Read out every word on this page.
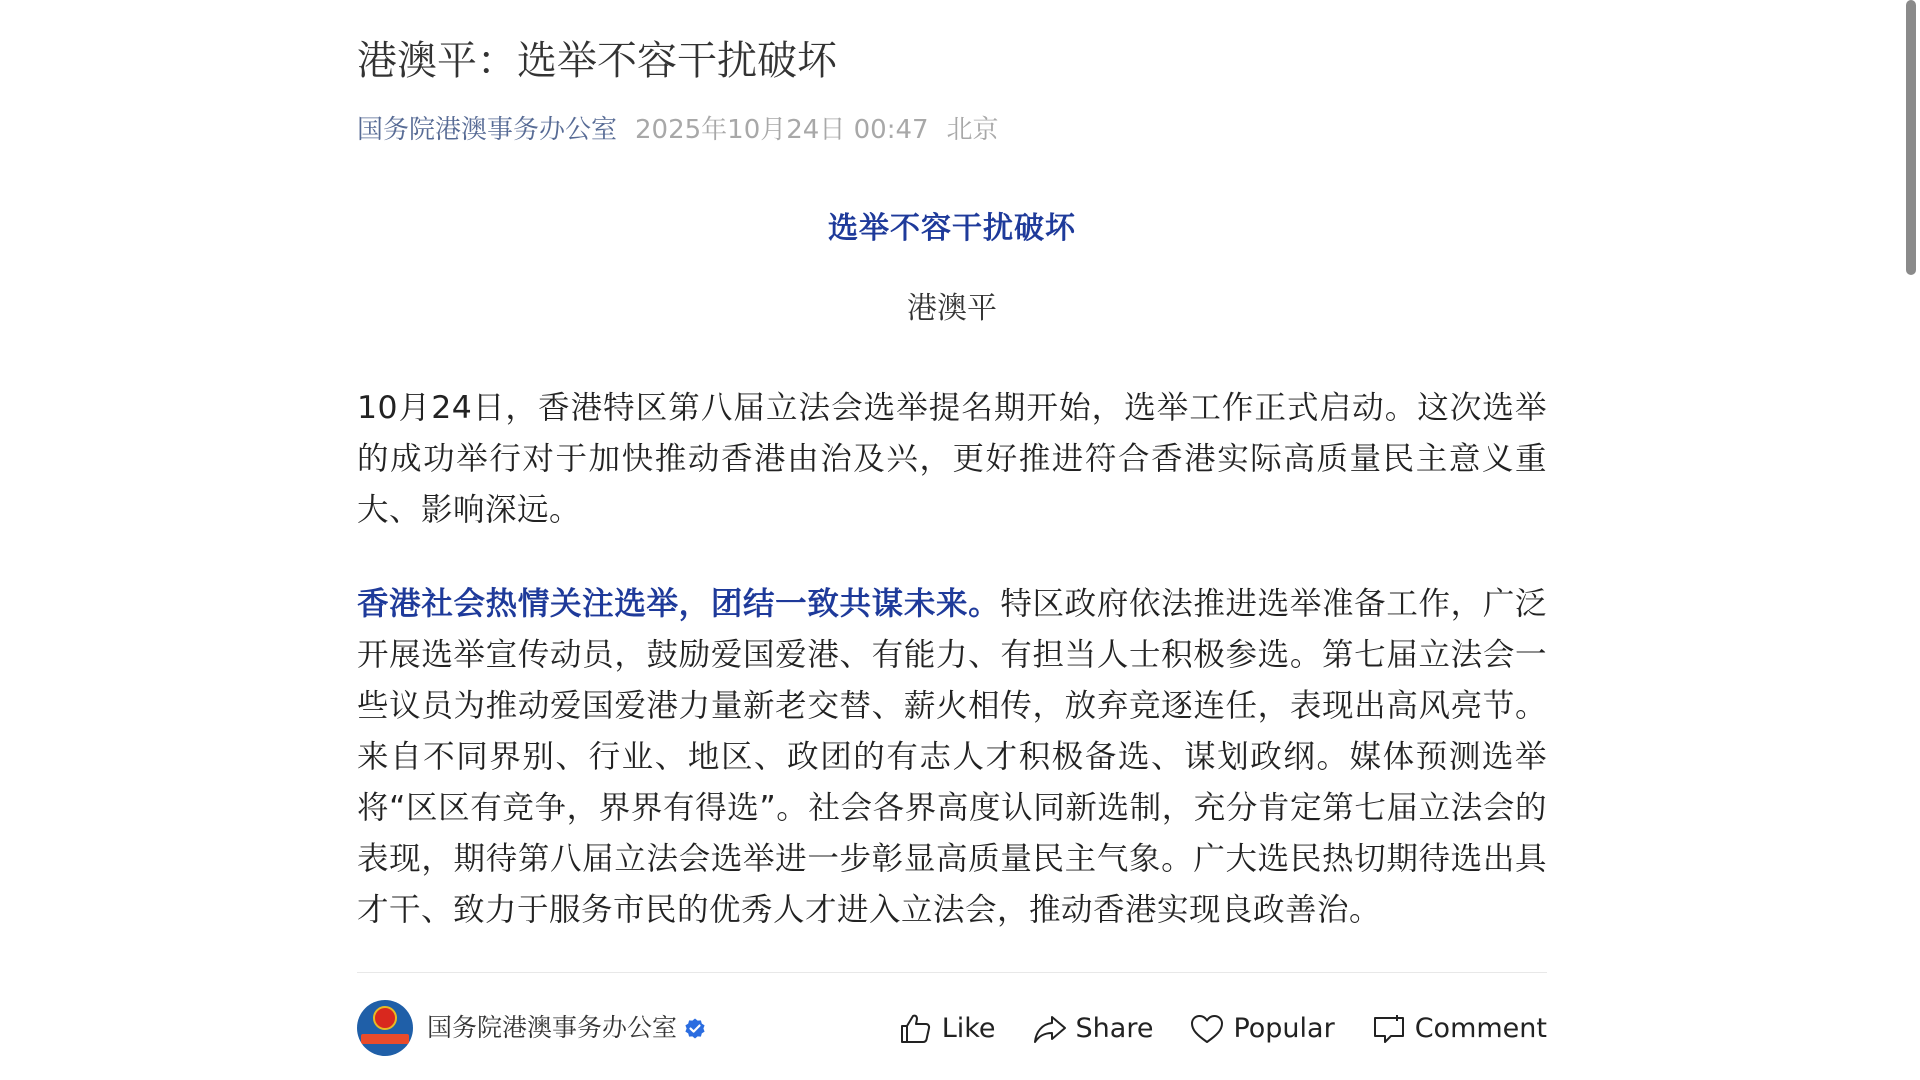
港澳平：选举不容干扰破坏
国务院港澳事务办公室 2025年10月24日 00:47 北京
选举不容干扰破坏
港澳平
10月24日，香港特区第八届立法会选举提名期开始，选举工作正式启动。这次选举的成功举行对于加快推动香港由治及兴，更好推进符合香港实际高质量民主意义重大、影响深远。
香港社会热情关注选举，团结一致共谋未来。特区政府依法推进选举准备工作，广泛开展选举宣传动员，鼓励爱国爱港、有能力、有担当人士积极参选。第七届立法会一些议员为推动爱国爱港力量新老交替、薪火相传，放弃竞逐连任，表现出高风亮节。来自不同界别、行业、地区、政团的有志人才积极备选、谋划政纲。媒体预测选举将“区区有竞争，界界有得选”。社会各界高度认同新选制，充分肯定第七届立法会的表现，期待第八届立法会选举进一步彰显高质量民主气象。广大选民热切期待选出具才干、致力于服务市民的优秀人才进入立法会，推动香港实现良政善治。
国务院港澳事务办公室	Like	Share	Popular	Comment
